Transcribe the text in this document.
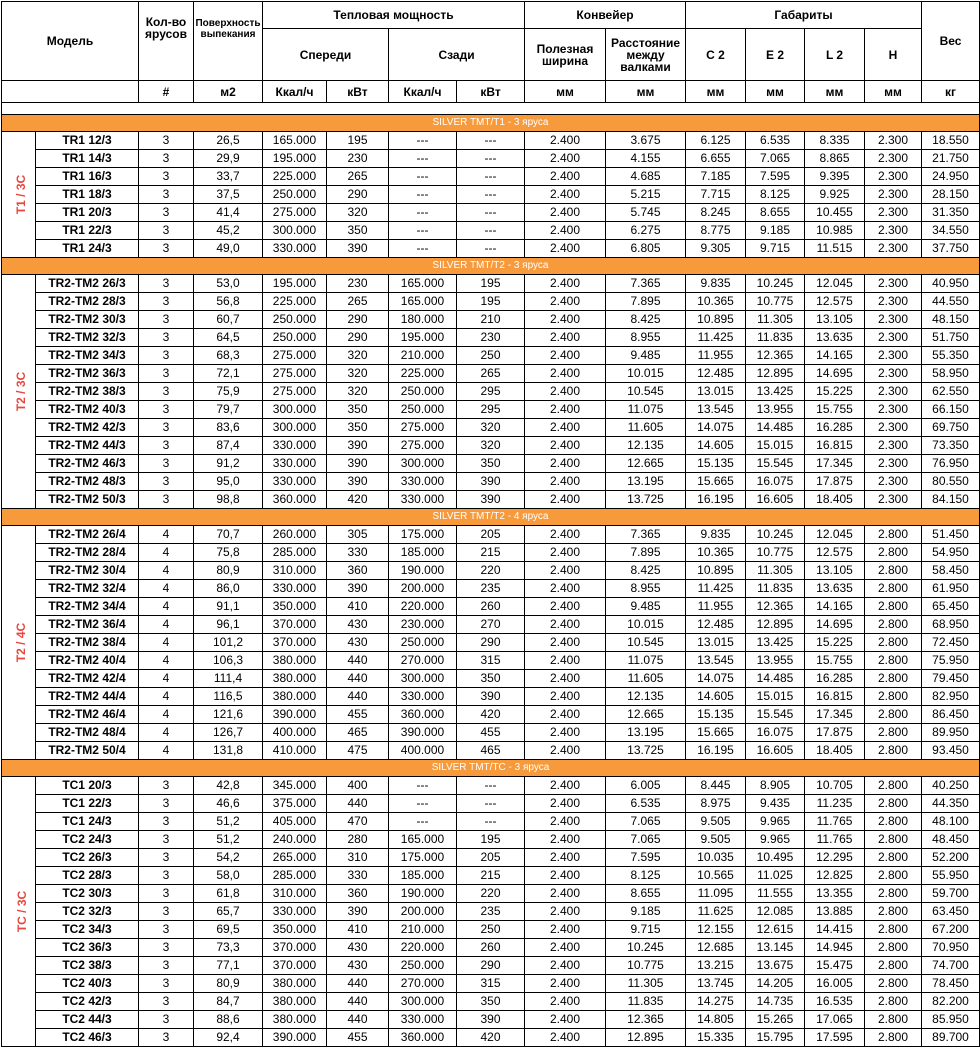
Модель		Кол-во ярусов	Поверхность выпекания	Тепловая мощность				Конвейер		Габариты				Вес
				Спереди		Сзади		Полезная ширина	Расстояние между валками	C 2	E 2	L 2	H	

		#	м2	Ккал/ч	кВт	Ккал/ч	кВт	мм	мм	мм	мм	мм	мм	кг

SILVER TMT/T1 - 3 яруса														
T1 / 3C	TR1 12/3	3	26,5	165.000	195	---	---	2.400	3.675	6.125	6.535	8.335	2.300	18.550
	TR1 14/3	3	29,9	195.000	230	---	---	2.400	4.155	6.655	7.065	8.865	2.300	21.750
	TR1 16/3	3	33,7	225.000	265	---	---	2.400	4.685	7.185	7.595	9.395	2.300	24.950
	TR1 18/3	3	37,5	250.000	290	---	---	2.400	5.215	7.715	8.125	9.925	2.300	28.150
	TR1 20/3	3	41,4	275.000	320	---	---	2.400	5.745	8.245	8.655	10.455	2.300	31.350
	TR1 22/3	3	45,2	300.000	350	---	---	2.400	6.275	8.775	9.185	10.985	2.300	34.550
	TR1 24/3	3	49,0	330.000	390	---	---	2.400	6.805	9.305	9.715	11.515	2.300	37.750
SILVER TMT/T2 - 3 яруса														
T2 / 3C	TR2-TM2 26/3	3	53,0	195.000	230	165.000	195	2.400	7.365	9.835	10.245	12.045	2.300	40.950
	TR2-TM2 28/3	3	56,8	225.000	265	165.000	195	2.400	7.895	10.365	10.775	12.575	2.300	44.550
	TR2-TM2 30/3	3	60,7	250.000	290	180.000	210	2.400	8.425	10.895	11.305	13.105	2.300	48.150
	TR2-TM2 32/3	3	64,5	250.000	290	195.000	230	2.400	8.955	11.425	11.835	13.635	2.300	51.750
	TR2-TM2 34/3	3	68,3	275.000	320	210.000	250	2.400	9.485	11.955	12.365	14.165	2.300	55.350
	TR2-TM2 36/3	3	72,1	275.000	320	225.000	265	2.400	10.015	12.485	12.895	14.695	2.300	58.950
	TR2-TM2 38/3	3	75,9	275.000	320	250.000	295	2.400	10.545	13.015	13.425	15.225	2.300	62.550
	TR2-TM2 40/3	3	79,7	300.000	350	250.000	295	2.400	11.075	13.545	13.955	15.755	2.300	66.150
	TR2-TM2 42/3	3	83,6	300.000	350	275.000	320	2.400	11.605	14.075	14.485	16.285	2.300	69.750
	TR2-TM2 44/3	3	87,4	330.000	390	275.000	320	2.400	12.135	14.605	15.015	16.815	2.300	73.350
	TR2-TM2 46/3	3	91,2	330.000	390	300.000	350	2.400	12.665	15.135	15.545	17.345	2.300	76.950
	TR2-TM2 48/3	3	95,0	330.000	390	330.000	390	2.400	13.195	15.665	16.075	17.875	2.300	80.550
	TR2-TM2 50/3	3	98,8	360.000	420	330.000	390	2.400	13.725	16.195	16.605	18.405	2.300	84.150
SILVER TMT/T2 - 4 яруса														
T2 / 4C	TR2-TM2 26/4	4	70,7	260.000	305	175.000	205	2.400	7.365	9.835	10.245	12.045	2.800	51.450
	TR2-TM2 28/4	4	75,8	285.000	330	185.000	215	2.400	7.895	10.365	10.775	12.575	2.800	54.950
	TR2-TM2 30/4	4	80,9	310.000	360	190.000	220	2.400	8.425	10.895	11.305	13.105	2.800	58.450
	TR2-TM2 32/4	4	86,0	330.000	390	200.000	235	2.400	8.955	11.425	11.835	13.635	2.800	61.950
	TR2-TM2 34/4	4	91,1	350.000	410	220.000	260	2.400	9.485	11.955	12.365	14.165	2.800	65.450
	TR2-TM2 36/4	4	96,1	370.000	430	230.000	270	2.400	10.015	12.485	12.895	14.695	2.800	68.950
	TR2-TM2 38/4	4	101,2	370.000	430	250.000	290	2.400	10.545	13.015	13.425	15.225	2.800	72.450
	TR2-TM2 40/4	4	106,3	380.000	440	270.000	315	2.400	11.075	13.545	13.955	15.755	2.800	75.950
	TR2-TM2 42/4	4	111,4	380.000	440	300.000	350	2.400	11.605	14.075	14.485	16.285	2.800	79.450
	TR2-TM2 44/4	4	116,5	380.000	440	330.000	390	2.400	12.135	14.605	15.015	16.815	2.800	82.950
	TR2-TM2 46/4	4	121,6	390.000	455	360.000	420	2.400	12.665	15.135	15.545	17.345	2.800	86.450
	TR2-TM2 48/4	4	126,7	400.000	465	390.000	455	2.400	13.195	15.665	16.075	17.875	2.800	89.950
	TR2-TM2 50/4	4	131,8	410.000	475	400.000	465	2.400	13.725	16.195	16.605	18.405	2.800	93.450
SILVER TMT/TC - 3 яруса														
TC / 3C	TC1 20/3	3	42,8	345.000	400	---	---	2.400	6.005	8.445	8.905	10.705	2.800	40.250
	TC1 22/3	3	46,6	375.000	440	---	---	2.400	6.535	8.975	9.435	11.235	2.800	44.350
	TC1 24/3	3	51,2	405.000	470	---	---	2.400	7.065	9.505	9.965	11.765	2.800	48.100
	TC2 24/3	3	51,2	240.000	280	165.000	195	2.400	7.065	9.505	9.965	11.765	2.800	48.450
	TC2 26/3	3	54,2	265.000	310	175.000	205	2.400	7.595	10.035	10.495	12.295	2.800	52.200
	TC2 28/3	3	58,0	285.000	330	185.000	215	2.400	8.125	10.565	11.025	12.825	2.800	55.950
	TC2 30/3	3	61,8	310.000	360	190.000	220	2.400	8.655	11.095	11.555	13.355	2.800	59.700
	TC2 32/3	3	65,7	330.000	390	200.000	235	2.400	9.185	11.625	12.085	13.885	2.800	63.450
	TC2 34/3	3	69,5	350.000	410	210.000	250	2.400	9.715	12.155	12.615	14.415	2.800	67.200
	TC2 36/3	3	73,3	370.000	430	220.000	260	2.400	10.245	12.685	13.145	14.945	2.800	70.950
	TC2 38/3	3	77,1	370.000	430	250.000	290	2.400	10.775	13.215	13.675	15.475	2.800	74.700
	TC2 40/3	3	80,9	380.000	440	270.000	315	2.400	11.305	13.745	14.205	16.005	2.800	78.450
	TC2 42/3	3	84,7	380.000	440	300.000	350	2.400	11.835	14.275	14.735	16.535	2.800	82.200
	TC2 44/3	3	88,6	380.000	440	330.000	390	2.400	12.365	14.805	15.265	17.065	2.800	85.950
	TC2 46/3	3	92,4	390.000	455	360.000	420	2.400	12.895	15.335	15.795	17.595	2.800	89.700
